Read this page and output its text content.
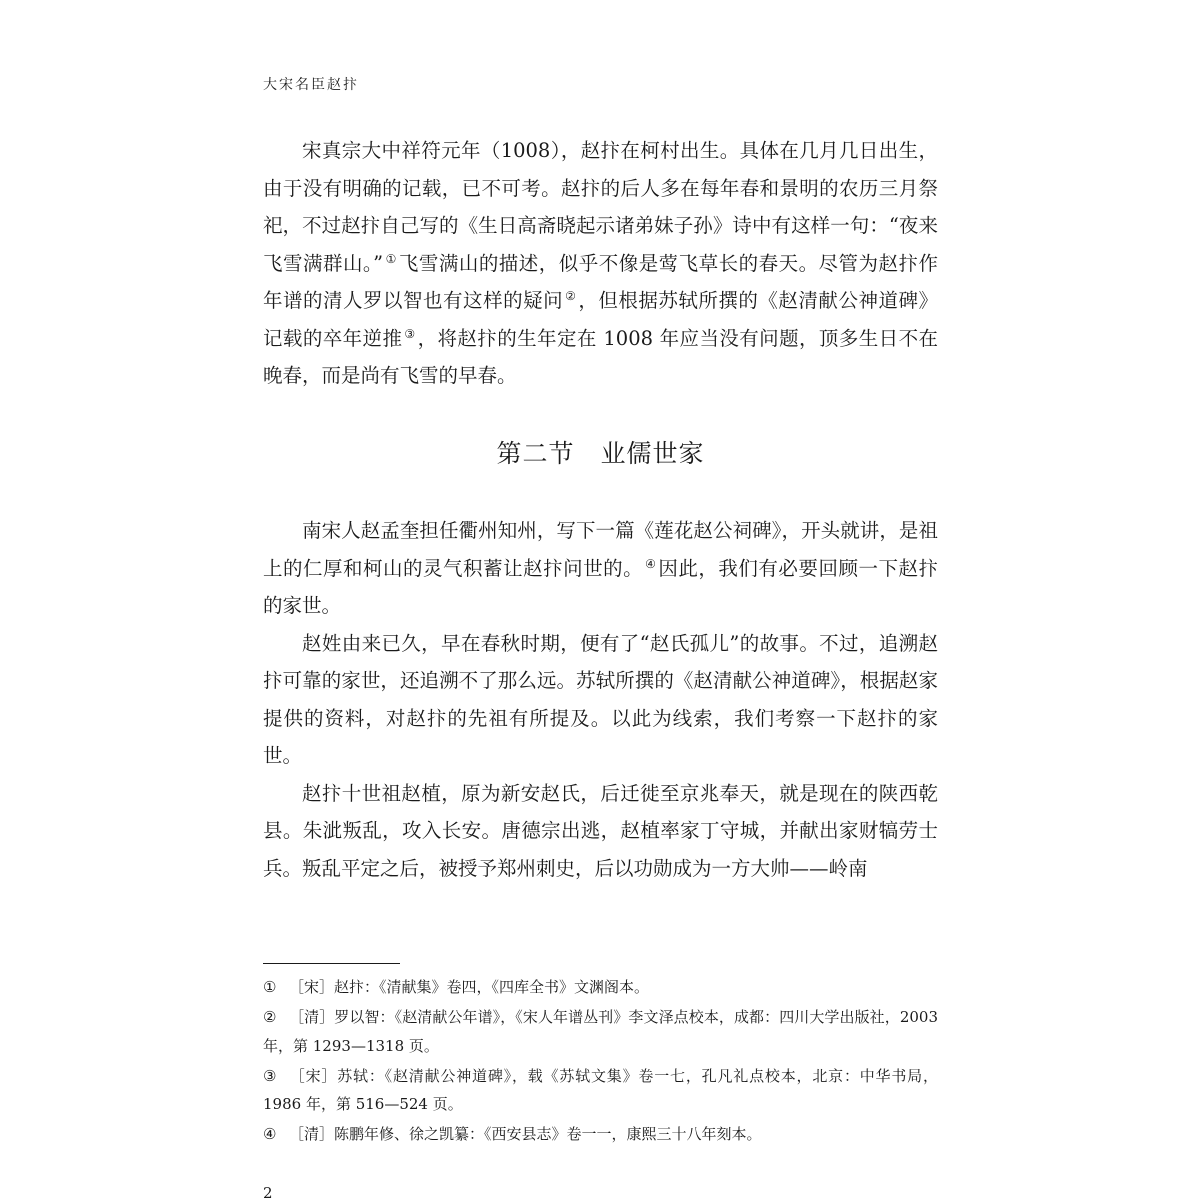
大宋名臣赵抃

宋真宗大中祥符元年（1008），赵抃在柯村出生。具体在几月几日出生，由于没有明确的记载，已不可考。赵抃的后人多在每年春和景明的农历三月祭祀，不过赵抃自己写的《生日高斋晓起示诸弟妹子孙》诗中有这样一句：“夜来飞雪满群山。” ① 飞雪满山的描述，似乎不像是莺飞草长的春天。尽管为赵抃作年谱的清人罗以智也有这样的疑问 ② ，但根据苏轼所撰的《赵清献公神道碑》记载的卒年逆推 ③ ，将赵抃的生年定在 1008 年应当没有问题，顶多生日不在晚春，而是尚有飞雪的早春。

第二节　业儒世家

南宋人赵孟奎担任衢州知州，写下一篇《莲花赵公祠碑》，开头就讲，是祖上的仁厚和柯山的灵气积蓄让赵抃问世的。 ④ 因此，我们有必要回顾一下赵抃的家世。

赵姓由来已久，早在春秋时期，便有了“赵氏孤儿”的故事。不过，追溯赵抃可靠的家世，还追溯不了那么远。苏轼所撰的《赵清献公神道碑》，根据赵家提供的资料，对赵抃的先祖有所提及。以此为线索，我们考察一下赵抃的家世。

赵抃十世祖赵植，原为新安赵氏，后迁徙至京兆奉天，就是现在的陕西乾县。朱泚叛乱，攻入长安。唐德宗出逃，赵植率家丁守城，并献出家财犒劳士兵。叛乱平定之后，被授予郑州刺史，后以功勋成为一方大帅——岭南

① ［宋］赵抃：《清献集》卷四，《四库全书》文渊阁本。
② ［清］罗以智：《赵清献公年谱》，《宋人年谱丛刊》李文泽点校本，成都：四川大学出版社，2003 年，第 1293—1318 页。
③ ［宋］苏轼：《赵清献公神道碑》，载《苏轼文集》卷一七，孔凡礼点校本，北京：中华书局，1986 年，第 516—524 页。
④ ［清］陈鹏年修、徐之凯纂：《西安县志》卷一一，康熙三十八年刻本。
2
